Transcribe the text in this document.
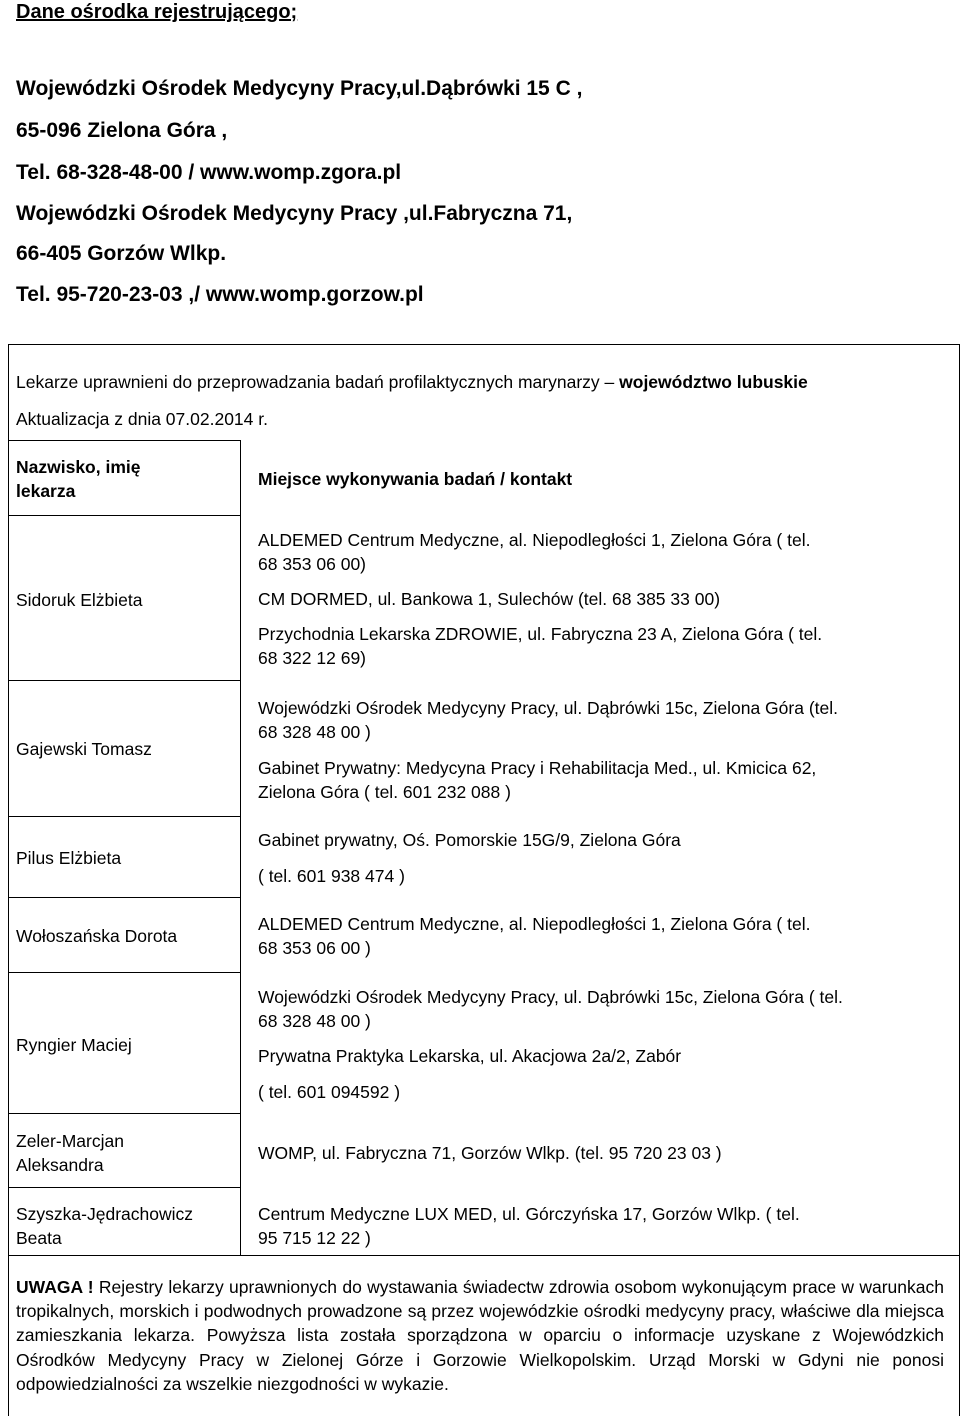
Dane ośrodka rejestrującego;
Wojewódzki Ośrodek Medycyny Pracy,ul.Dąbrówki 15 C ,
65-096 Zielona Góra ,
Tel. 68-328-48-00 / www.womp.zgora.pl
Wojewódzki Ośrodek Medycyny Pracy ,ul.Fabryczna 71,
66-405 Gorzów Wlkp.
Tel. 95-720-23-03 ,/ www.womp.gorzow.pl
Lekarze uprawnieni do przeprowadzania badań profilaktycznych marynarzy – województwo lubuskie
Aktualizacja z dnia 07.02.2014 r.
Nazwisko, imię
lekarza
Miejsce wykonywania badań / kontakt
Sidoruk Elżbieta
Gajewski Tomasz
Pilus Elżbieta
Wołoszańska Dorota
Ryngier Maciej
Zeler-Marcjan
Aleksandra
Szyszka-Jędrachowicz
Beata
ALDEMED Centrum Medyczne, al. Niepodległości 1, Zielona Góra ( tel.
68 353 06 00)
CM DORMED, ul. Bankowa 1, Sulechów (tel. 68 385 33 00)
Przychodnia Lekarska ZDROWIE, ul. Fabryczna 23 A, Zielona Góra ( tel.
68 322 12 69)
Wojewódzki Ośrodek Medycyny Pracy, ul. Dąbrówki 15c, Zielona Góra (tel.
68 328 48 00 )
Gabinet Prywatny: Medycyna Pracy i Rehabilitacja Med., ul. Kmicica 62,
Zielona Góra ( tel. 601 232 088 )
Gabinet prywatny, Oś. Pomorskie 15G/9, Zielona Góra
( tel. 601 938 474 )
ALDEMED Centrum Medyczne, al. Niepodległości 1, Zielona Góra ( tel.
68 353 06 00 )
Wojewódzki Ośrodek Medycyny Pracy, ul. Dąbrówki 15c, Zielona Góra ( tel.
68 328 48 00 )
Prywatna Praktyka Lekarska, ul. Akacjowa 2a/2, Zabór
( tel. 601 094592 )
WOMP, ul. Fabryczna 71, Gorzów Wlkp. (tel. 95 720 23 03 )
Centrum Medyczne LUX MED, ul. Górczyńska 17, Gorzów Wlkp. ( tel.
95 715 12 22 )
UWAGA ! Rejestry lekarzy uprawnionych do wystawania świadectw zdrowia osobom wykonującym prace w warunkach tropikalnych, morskich i podwodnych prowadzone są przez wojewódzkie ośrodki medycyny pracy, właściwe dla miejsca zamieszkania lekarza. Powyższa lista została sporządzona w oparciu o informacje uzyskane z Wojewódzkich Ośrodków Medycyny Pracy w Zielonej Górze i Gorzowie Wielkopolskim. Urząd Morski w Gdyni nie ponosi odpowiedzialności za wszelkie niezgodności w wykazie.
